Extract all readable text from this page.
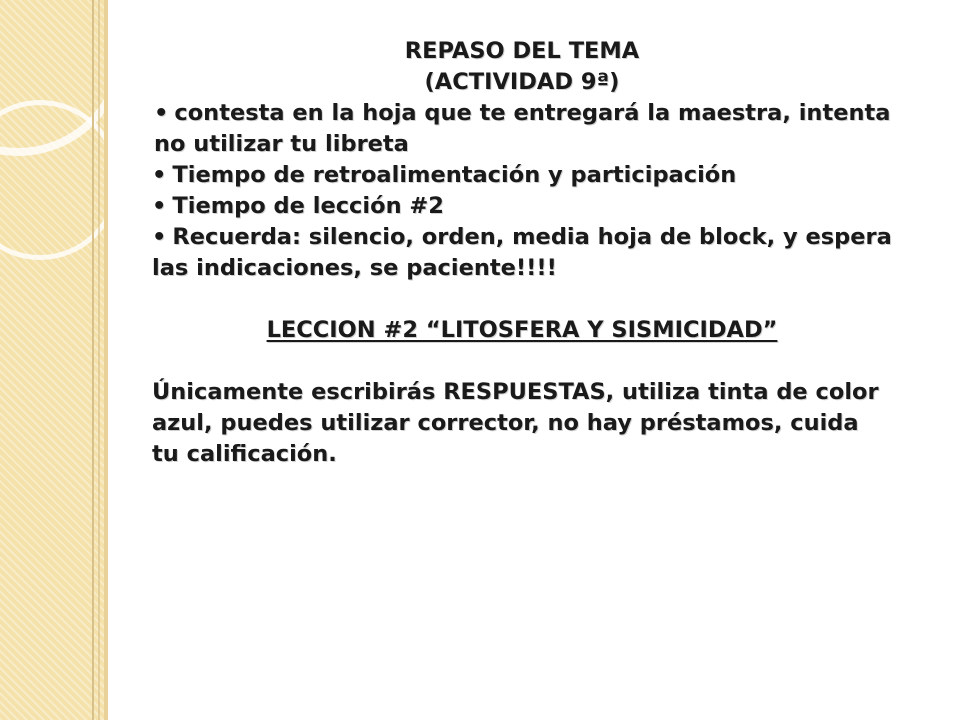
REPASO DEL TEMA
(ACTIVIDAD 9ª)
• contesta en la hoja que te entregará la maestra, intenta no utilizar tu libreta
• Tiempo de retroalimentación y participación
• Tiempo de lección #2
• Recuerda: silencio, orden, media hoja de block, y espera las indicaciones, se paciente!!!!
LECCION #2 “LITOSFERA Y SISMICIDAD”
Únicamente escribirás RESPUESTAS, utiliza tinta de color azul, puedes utilizar corrector, no hay préstamos, cuida tu calificación.
